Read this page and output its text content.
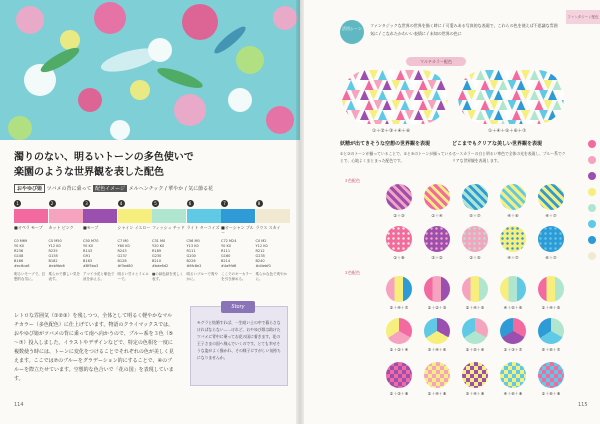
濁りのない、明るいトーンの多色使いで
楽園のような世界観を表した配色
おやゆび姫 ツバメの背に乗って 配色イメージ メルヘンチック / 華やか / 気に節る花
1
■オペラ モーブ
C0 M69
Y0 K0
R236
G108
B166
#ec6ca6
明るいモーブで、幻想的な気に。
2
カット ピンク
C0 M50
Y12 K0
R235
G155
B182
#eb9bb6
柔らかで優しい気を表す。
3
■モーブ
C50 M70
Y0 K0
R143
G91
B163
#8f5ba3
アマイ小花と紫色で涼を添える。
4
シャイン イエロー
C7 M0
Y60 K0
R243
G237
B128
#f3ed80
明るい甘々とイエローで。
5
フィッシュ チッド
C31 M0
Y20 K0
R189
G230
B210
#bde6d2
■の緑色緑を美しく表す。
6
ライト ターコイズ
C56 M0
Y13 K0
R111
G200
B226
#6fc8e2
明るいブルーで爽やかに。
7
■オーシャン ブルー
C72 M24
Y0 K0
R111
G160
B214
#4a9fd6
ここでのキーカラーを引き締める。
8
ラウス スカイ
C0 M2
Y12 K0
R212
G235
B240
#d4ebf0
柔らかな色で爽やかに。
レトロな雰囲気（①②③）を残しつつ、全体として明るく軽やかなマルチカラー（多色配色）に仕上げています。物語のクライマックスでは、おやゆび姫がツバメの背に乗って南へ向かうので、ブルー系を３色（⑤～⑦）投入しました。イラストやデザインなどで、特定の色相を一度に複数使う時には、トーンに変化をつけることでそれぞれの色が美しく見えます。ここでは⑦のブルーをグラデーション的にすることで、④のブルーを際立たせています。空想的な色合いで「花の国」を表現しています。
Story
モグラと結婚すれば、一生暗い土の中で暮らさなければならない……けれど、おやゆび姫は助けたツバメに背中に乗ってお花の国に着きます。花の王子さまの国へ飛んでいくのです。とても幸せそうな姿がよく描かれ、その様子にすがしい気持ちになりませんか。
114
ファンタジー / 配色
活用シーン
ファンタジックな世界の世界を描く時に / 可愛みある写真的な表現で、これらの色を使えば不思議な雰囲気に / こなれたかわいい表情に / 未知の世界の色に
マルチカラー配色
①＋②＋③＋④＋⑥	①＋④＋⑤＋⑥＋⑦
妖精が出てきそうな空想の世界観を表現	どこまでもクリアな美しい世界観を表現
①と②のトーンが揃っていることで、②と③のトーンが揃っていることで、心地よくまとまった配色です。
ベースカラーの白と明るい寒色で全体の光を表現し、ブルー系でクリアな世界観を表現します。
３色配色
３色配色
②＋③	①＋④	⑤＋⑦	④＋⑥	④＋⑦
①＋⑧	③＋②	②＋⑤	④＋⑦	⑥＋⑦
②＋④＋⑦	①＋②＋③	②＋④＋⑤	④＋⑤＋⑥	①＋④＋⑤
①＋②＋④	③＋④＋⑥	②＋⑤＋⑥	①＋③＋⑦	⑤＋⑥＋⑦
①＋③＋⑧	②＋④＋⑧	③＋④＋⑧	④＋⑥＋⑧	①＋⑥＋⑧
115
